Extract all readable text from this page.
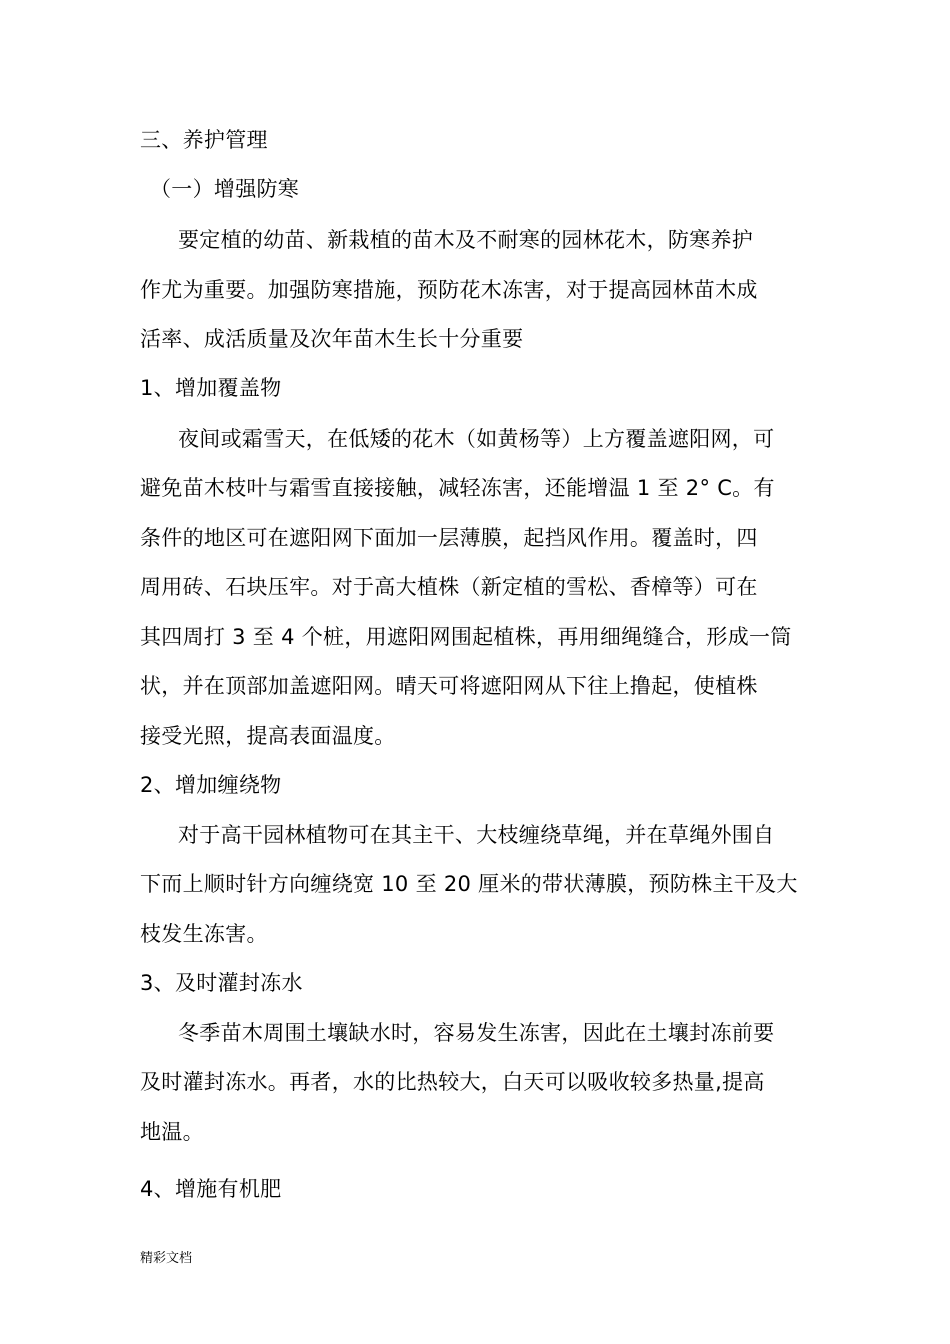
三、养护管理
（一）增强防寒
要定植的幼苗、新栽植的苗木及不耐寒的园林花木，防寒养护
作尤为重要。加强防寒措施，预防花木冻害，对于提高园林苗木成
活率、成活质量及次年苗木生长十分重要
1、增加覆盖物
夜间或霜雪天，在低矮的花木（如黄杨等）上方覆盖遮阳网，可
避免苗木枝叶与霜雪直接接触，减轻冻害，还能增温 1 至 2° C。有
条件的地区可在遮阳网下面加一层薄膜，起挡风作用。覆盖时，四
周用砖、石块压牢。对于高大植株（新定植的雪松、香樟等）可在
其四周打 3 至 4 个桩，用遮阳网围起植株，再用细绳缝合，形成一筒
状，并在顶部加盖遮阳网。晴天可将遮阳网从下往上撸起，使植株
接受光照，提高表面温度。
2、增加缠绕物
对于高干园林植物可在其主干、大枝缠绕草绳，并在草绳外围自
下而上顺时针方向缠绕宽 10 至 20 厘米的带状薄膜，预防株主干及大
枝发生冻害。
3、及时灌封冻水
冬季苗木周围土壤缺水时，容易发生冻害，因此在土壤封冻前要
及时灌封冻水。再者，水的比热较大，白天可以吸收较多热量,提高
地温。
4、增施有机肥
精彩文档
